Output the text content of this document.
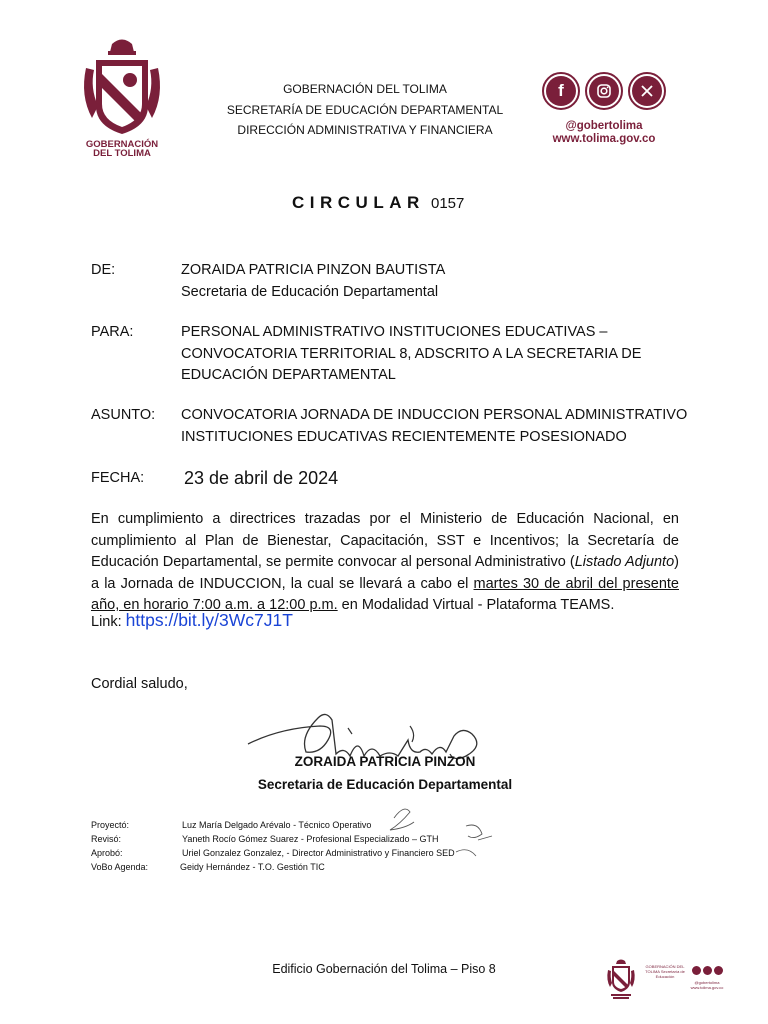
GOBERNACIÓN
DEL TOLIMA
GOBERNACIÓN DEL TOLIMA
SECRETARÍA DE EDUCACIÓN DEPARTAMENTAL
DIRECCIÓN ADMINISTRATIVA Y FINANCIERA
f
@gobertolima
www.tolima.gov.co
CIRCULAR 0157
DE:	ZORAIDA PATRICIA PINZON BAUTISTA
Secretaria de Educación Departamental
PARA:	PERSONAL ADMINISTRATIVO INSTITUCIONES EDUCATIVAS –
CONVOCATORIA TERRITORIAL 8, ADSCRITO A LA SECRETARIA DE
EDUCACIÓN DEPARTAMENTAL
ASUNTO: CONVOCATORIA JORNADA DE INDUCCION PERSONAL ADMINISTRATIVO
INSTITUCIONES EDUCATIVAS RECIENTEMENTE POSESIONADO
FECHA: 23 de abril de 2024
En cumplimiento a directrices trazadas por el Ministerio de Educación Nacional, en cumplimiento al Plan de Bienestar, Capacitación, SST e Incentivos; la Secretaría de Educación Departamental, se permite convocar al personal Administrativo (Listado Adjunto) a la Jornada de INDUCCION, la cual se llevará a cabo el martes 30 de abril del presente año, en horario 7:00 a.m. a 12:00 p.m. en Modalidad Virtual - Plataforma TEAMS.
Link: https://bit.ly/3Wc7J1T
Cordial saludo,
ZORAIDA PATRICIA PINZON
Secretaria de Educación Departamental
Proyectó:	Luz María Delgado Arévalo - Técnico Operativo
Revisó:	Yaneth Rocío Gómez Suarez - Profesional Especializado – GTH
Aprobó:	Uriel Gonzalez Gonzalez, - Director Administrativo y Financiero SED
VoBo Agenda:	Geidy Hernández - T.O. Gestión TIC
Edificio Gobernación del Tolima – Piso 8	GOBERNACIÓN DEL TOLIMA Secretaría de Educación
@gobertolima www.tolima.gov.co
